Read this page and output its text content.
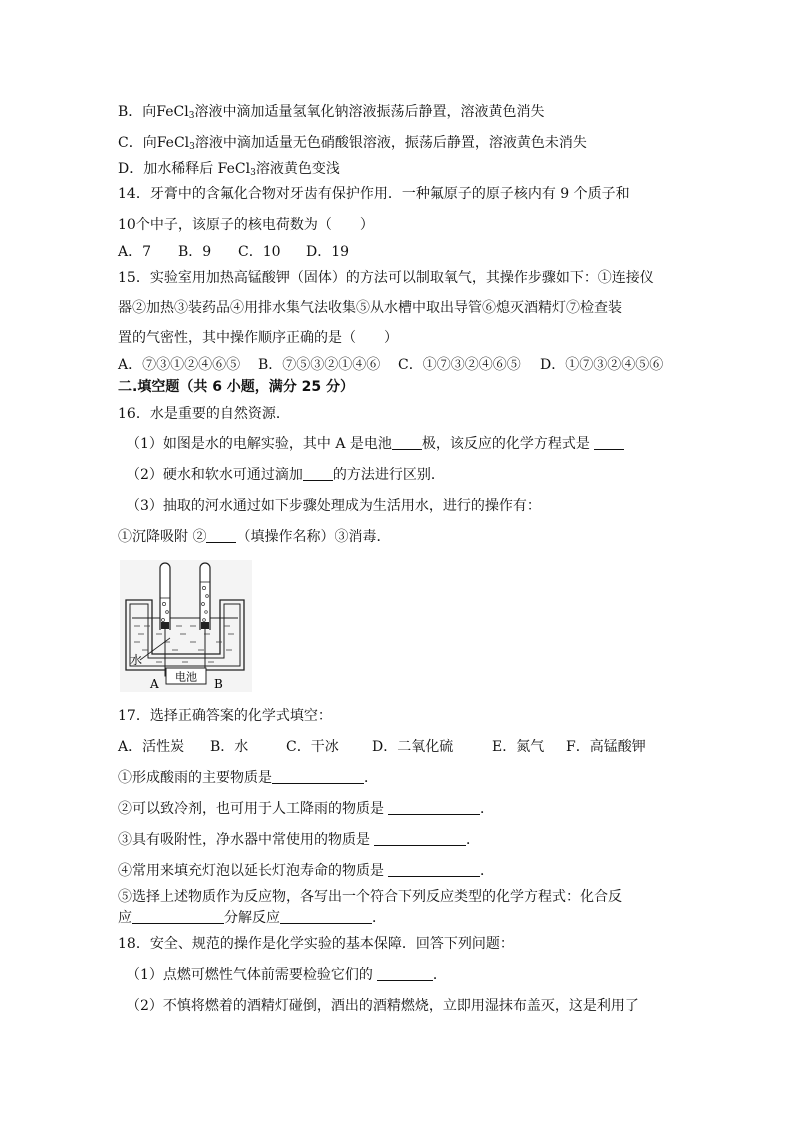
B．向FeCl$_3$溶液中滴加适量氢氧化钠溶液振荡后静置，溶液黄色消失
C．向FeCl$_3$溶液中滴加适量无色硝酸银溶液，振荡后静置，溶液黄色未消失
D．加水稀释后 FeCl$_3$溶液黄色变浅
14．牙膏中的含氟化合物对牙齿有保护作用．一种氟原子的原子核内有 9 个质子和
10个中子，该原子的核电荷数为（　　）
A．7 B．9 C．10 D．19
15．实验室用加热高锰酸钾（固体）的方法可以制取氧气，其操作步骤如下：①连接仪
器②加热③装药品④用排水集气法收集⑤从水槽中取出导管⑥熄灭酒精灯⑦检查装
置的气密性，其中操作顺序正确的是（　　）
A．⑦③①②④⑥⑤ B．⑦⑤③②①④⑥ C．①⑦③②④⑥⑤ D．①⑦③②④⑤⑥
二.填空题（共 6 小题，满分 25 分）
16．水是重要的自然资源．
（1）如图是水的电解实验，其中 A 是电池 极，该反应的化学方程式是
（2）硬水和软水可通过滴加 的方法进行区别．
（3）抽取的河水通过如下步骤处理成为生活用水，进行的操作有：
①沉降吸附 ② （填操作名称）③消毒．
电池
水
A	B
17．选择正确答案的化学式填空：
A．活性炭 B．水	C．干冰 D．二氧化硫	E．氮气 F．高锰酸钾
①形成酸雨的主要物质是	．
②可以致冷剂，也可用于人工降雨的物质是	．
③具有吸附性，净水器中常使用的物质是	．
④常用来填充灯泡以延长灯泡寿命的物质是	．
⑤选择上述物质作为反应物，各写出一个符合下列反应类型的化学方程式：化合反
应	分解反应	．
18．安全、规范的操作是化学实验的基本保障．回答下列问题：
（1）点燃可燃性气体前需要检验它们的	．
（2）不慎将燃着的酒精灯碰倒，酒出的酒精燃烧，立即用湿抹布盖灭，这是利用了
